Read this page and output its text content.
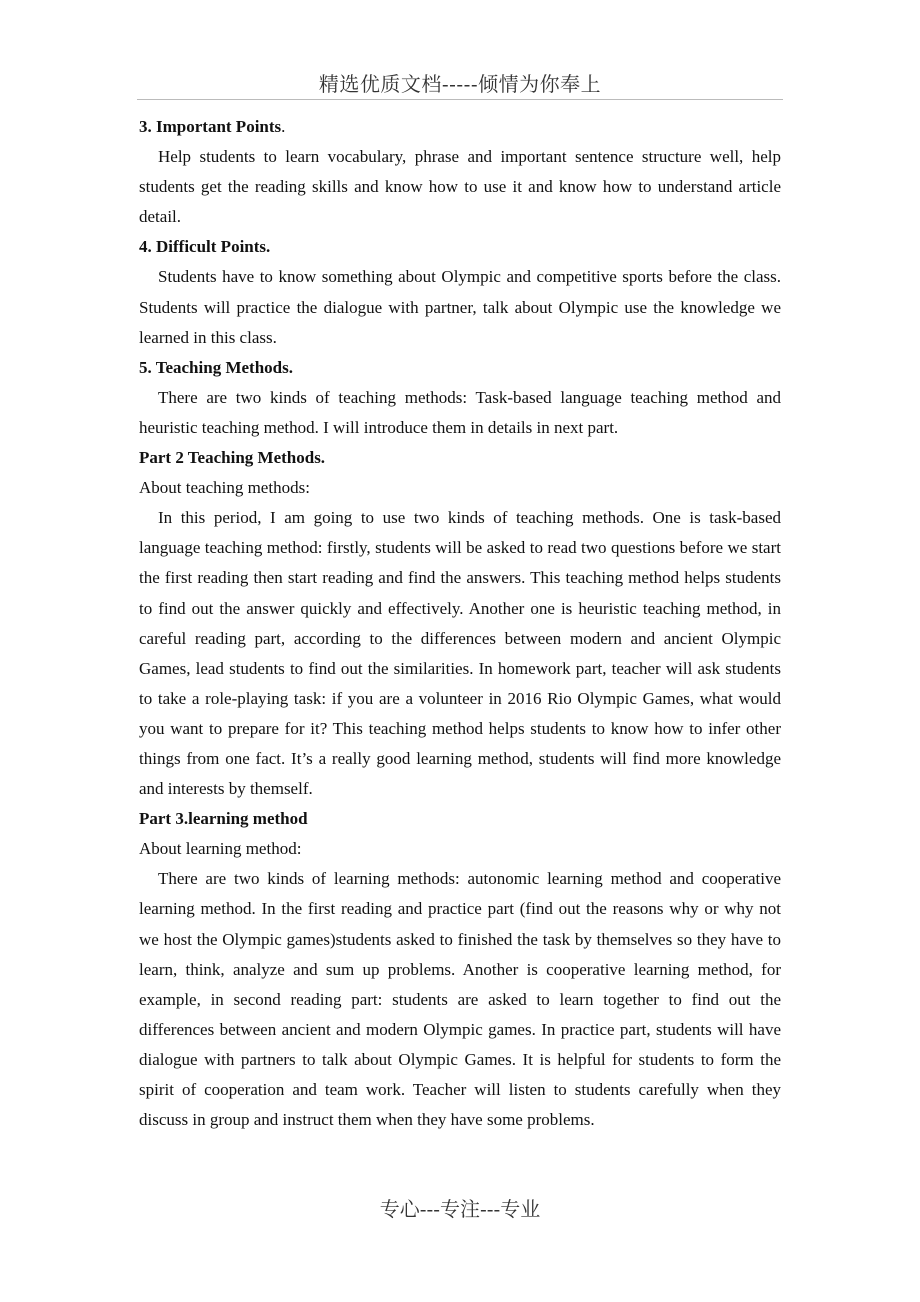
精选优质文档-----倾情为你奉上

3. Important Points.

Help students to learn vocabulary, phrase and important sentence structure well, help students get the reading skills and know how to use it and know how to understand article detail.

4. Difficult Points.

Students have to know something about Olympic and competitive sports before the class. Students will practice the dialogue with partner, talk about Olympic use the knowledge we learned in this class.

5. Teaching Methods.

There are two kinds of teaching methods: Task-based language teaching method and heuristic teaching method. I will introduce them in details in next part.

Part 2 Teaching Methods.

About teaching methods:

In this period, I am going to use two kinds of teaching methods. One is task-based language teaching method: firstly, students will be asked to read two questions before we start the first reading then start reading and find the answers. This teaching method helps students to find out the answer quickly and effectively. Another one is heuristic teaching method, in careful reading part, according to the differences between modern and ancient Olympic Games, lead students to find out the similarities. In homework part, teacher will ask students to take a role-playing task: if you are a volunteer in 2016 Rio Olympic Games, what would you want to prepare for it? This teaching method helps students to know how to infer other things from one fact. It’s a really good learning method, students will find more knowledge and interests by themself.

Part 3.learning method

About learning method:

There are two kinds of learning methods: autonomic learning method and cooperative learning method. In the first reading and practice part (find out the reasons why or why not we host the Olympic games)students asked to finished the task by themselves so they have to learn, think, analyze and sum up problems. Another is cooperative learning method, for example, in second reading part: students are asked to learn together to find out the differences between ancient and modern Olympic games. In practice part, students will have dialogue with partners to talk about Olympic Games. It is helpful for students to form the spirit of cooperation and team work. Teacher will listen to students carefully when they discuss in group and instruct them when they have some problems.

专心---专注---专业
